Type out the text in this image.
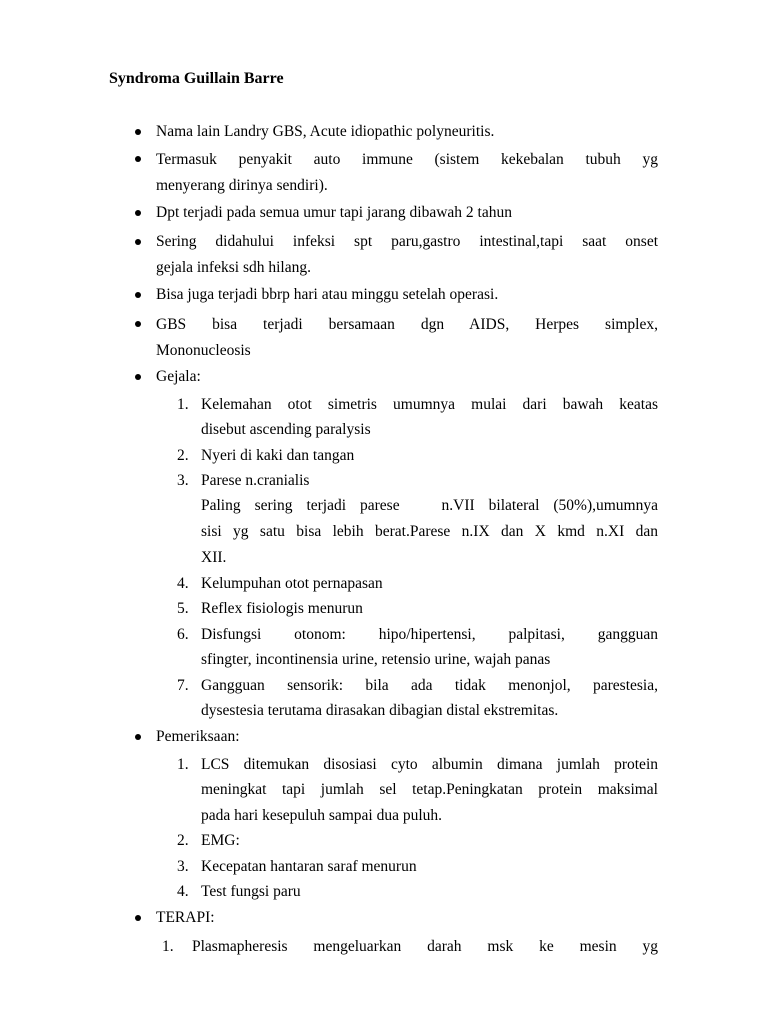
Syndroma Guillain Barre
Nama lain Landry GBS, Acute idiopathic polyneuritis.
Termasuk penyakit auto immune (sistem kekebalan tubuh yg
menyerang dirinya sendiri).
Dpt terjadi pada semua umur tapi jarang dibawah 2 tahun
Sering didahului infeksi spt paru,gastro intestinal,tapi saat onset
gejala infeksi sdh hilang.
Bisa juga terjadi bbrp hari atau minggu setelah operasi.
GBS bisa terjadi bersamaan dgn AIDS, Herpes simplex,
Mononucleosis
Gejala:
1. Kelemahan otot simetris umumnya mulai dari bawah keatas
disebut ascending paralysis
2. Nyeri di kaki dan tangan
3. Parese n.cranialis
Paling sering terjadi parese   n.VII bilateral (50%),umumnya
sisi yg satu bisa lebih berat.Parese n.IX dan X kmd n.XI dan
XII.
4. Kelumpuhan otot pernapasan
5. Reflex fisiologis menurun
6. Disfungsi otonom: hipo/hipertensi, palpitasi, gangguan
sfingter, incontinensia urine, retensio urine, wajah panas
7. Gangguan sensorik: bila ada tidak menonjol, parestesia,
dysestesia terutama dirasakan dibagian distal ekstremitas.
Pemeriksaan:
1. LCS ditemukan disosiasi cyto albumin dimana jumlah protein
meningkat tapi jumlah sel tetap.Peningkatan protein maksimal
pada hari kesepuluh sampai dua puluh.
2. EMG:
3. Kecepatan hantaran saraf menurun
4. Test fungsi paru
TERAPI:
1. Plasmapheresis mengeluarkan darah msk ke mesin yg
